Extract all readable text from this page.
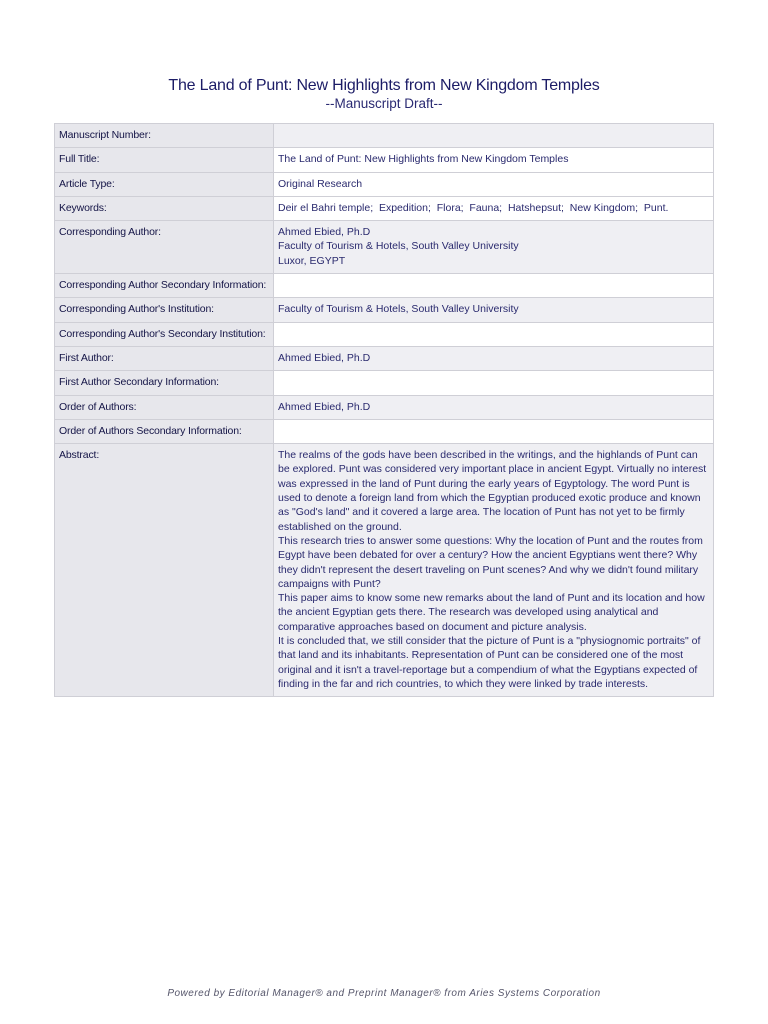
The Land of Punt: New Highlights from New Kingdom Temples
--Manuscript Draft--
Manuscript Number:	
Full Title:	The Land of Punt: New Highlights from New Kingdom Temples
Article Type:	Original Research
Keywords:	Deir el Bahri temple;  Expedition;  Flora;  Fauna;  Hatshepsut;  New Kingdom;  Punt.
Corresponding Author:	Ahmed Ebied, Ph.D
Faculty of Tourism & Hotels, South Valley University
Luxor, EGYPT

Corresponding Author Secondary Information:	
Corresponding Author's Institution:	Faculty of Tourism & Hotels, South Valley University
Corresponding Author's Secondary Institution:	
First Author:	Ahmed Ebied, Ph.D
First Author Secondary Information:	
Order of Authors:	Ahmed Ebied, Ph.D
Order of Authors Secondary Information:	
Abstract:	The realms of the gods have been described in the writings, and the highlands of Punt can be explored. Punt was considered very important place in ancient Egypt. Virtually no interest was expressed in the land of Punt during the early years of Egyptology. The word Punt is used to denote a foreign land from which the Egyptian produced exotic produce and known as "God's land" and it covered a large area. The location of Punt has not yet to be firmly established on the ground.

This research tries to answer some questions: Why the location of Punt and the routes from Egypt have been debated for over a century? How the ancient Egyptians went there? Why they didn't represent the desert traveling on Punt scenes? And why we didn't found military campaigns with Punt?

This paper aims to know some new remarks about the land of Punt and its location and how the ancient Egyptian gets there. The research was developed using analytical and comparative approaches based on document and picture analysis.

It is concluded that, we still consider that the picture of Punt is a "physiognomic portraits" of that land and its inhabitants. Representation of Punt can be considered one of the most original and it isn't a travel-reportage but a compendium of what the Egyptians expected of finding in the far and rich countries, to which they were linked by trade interests.

Powered by Editorial Manager® and Preprint Manager® from Aries Systems Corporation
